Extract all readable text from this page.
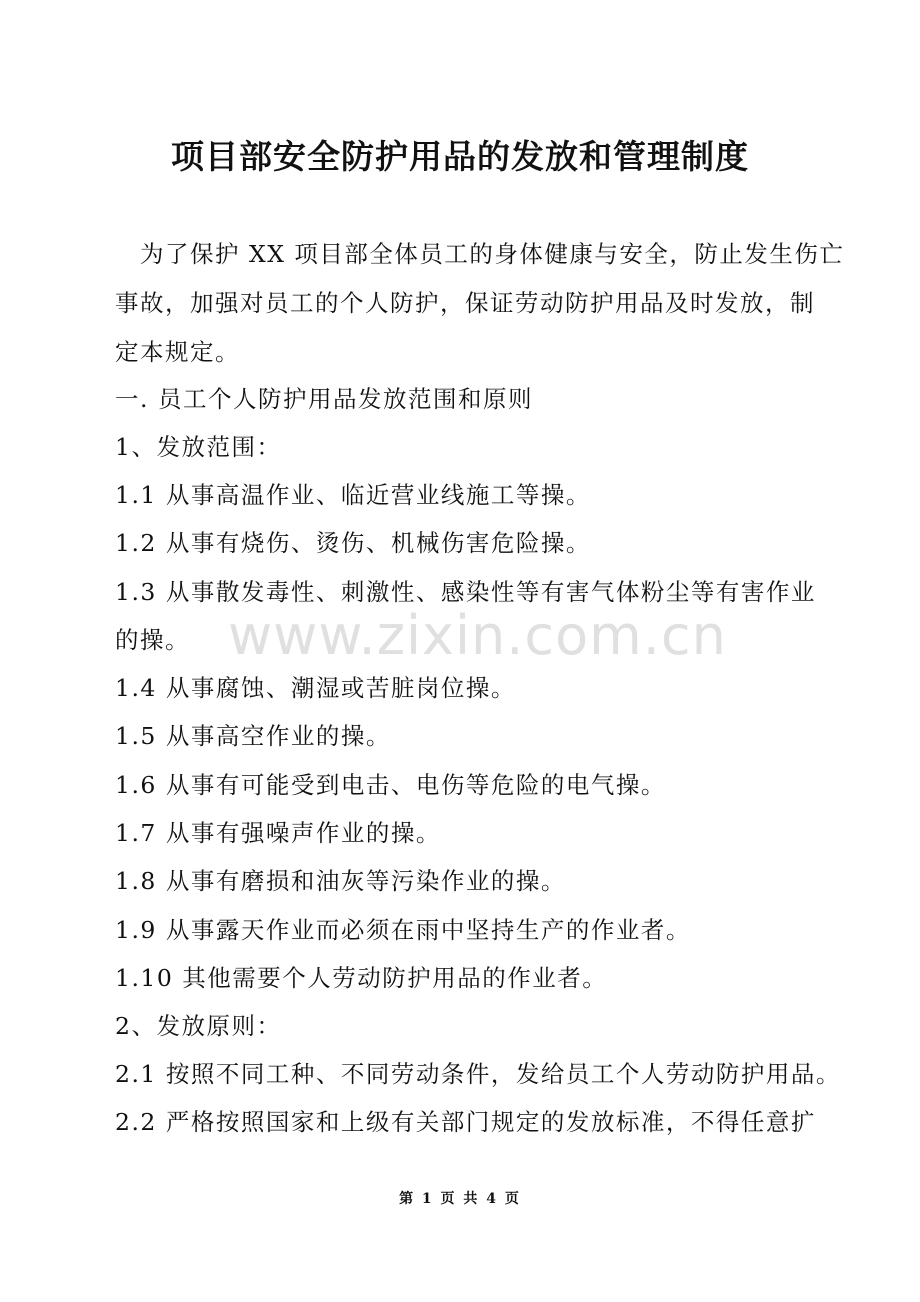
项目部安全防护用品的发放和管理制度
　为了保护 XX 项目部全体员工的身体健康与安全，防止发生伤亡
事故，加强对员工的个人防护，保证劳动防护用品及时发放，制
定本规定。
一. 员工个人防护用品发放范围和原则
1、发放范围：
1.1 从事高温作业、临近营业线施工等操。
1.2 从事有烧伤、烫伤、机械伤害危险操。
1.3 从事散发毒性、刺激性、感染性等有害气体粉尘等有害作业
的操。
1.4 从事腐蚀、潮湿或苦脏岗位操。
1.5 从事高空作业的操。
1.6 从事有可能受到电击、电伤等危险的电气操。
1.7 从事有强噪声作业的操。
1.8 从事有磨损和油灰等污染作业的操。
1.9 从事露天作业而必须在雨中坚持生产的作业者。
1.10 其他需要个人劳动防护用品的作业者。
2、发放原则：
2.1 按照不同工种、不同劳动条件，发给员工个人劳动防护用品。
2.2 严格按照国家和上级有关部门规定的发放标准，不得任意扩
www.zixin.com.cn
第 1 页 共 4 页
